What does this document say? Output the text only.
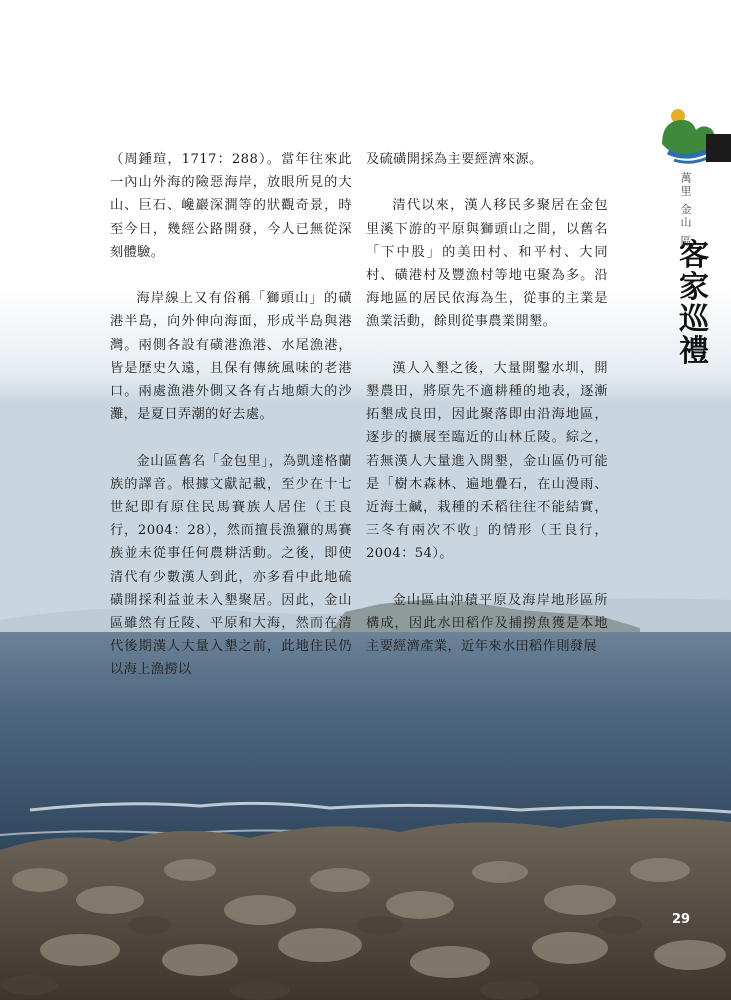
萬里 金山 區
客
家
巡
禮

（周鍾瑄，1717：288）。當年往來此一內山外海的險惡海岸，放眼所見的大山、巨石、巉巖深澗等的狀觀奇景，時至今日，幾經公路開發，今人已無從深刻體驗。

海岸線上又有俗稱「獅頭山」的磺港半島，向外伸向海面，形成半島與港灣。兩側各設有磺港漁港、水尾漁港，皆是歷史久遠，且保有傳統風味的老港口。兩處漁港外側又各有占地頗大的沙灘，是夏日弄潮的好去處。

金山區舊名「金包里」，為凱達格蘭族的譯音。根據文獻記載，至少在十七世紀即有原住民馬賽族人居住（王良行，2004：28），然而擅長漁獵的馬賽族並未從事任何農耕活動。之後，即使清代有少數漢人到此，亦多看中此地硫磺開採利益並未入墾聚居。因此，金山區雖然有丘陵、平原和大海，然而在清代後期漢人大量入墾之前，此地住民仍以海上漁撈以

及硫磺開採為主要經濟來源。

清代以來，漢人移民多聚居在金包里溪下游的平原與獅頭山之間，以舊名「下中股」的美田村、和平村、大同村、磺港村及豐漁村等地屯聚為多。沿海地區的居民依海為生，從事的主業是漁業活動，餘則從事農業開墾。

漢人入墾之後，大量開鑿水圳，開墾農田，將原先不適耕種的地表，逐漸拓墾成良田，因此聚落即由沿海地區，逐步的擴展至臨近的山林丘陵。綜之，若無漢人大量進入開墾，金山區仍可能是「樹木森林、遍地疊石，在山漫雨、近海土鹹，栽種的禾稻往往不能結實，三冬有兩次不收」的情形（王良行，2004：54）。

金山區由沖積平原及海岸地形區所構成，因此水田稻作及捕撈魚獲是本地主要經濟產業，近年來水田稻作則發展

29
